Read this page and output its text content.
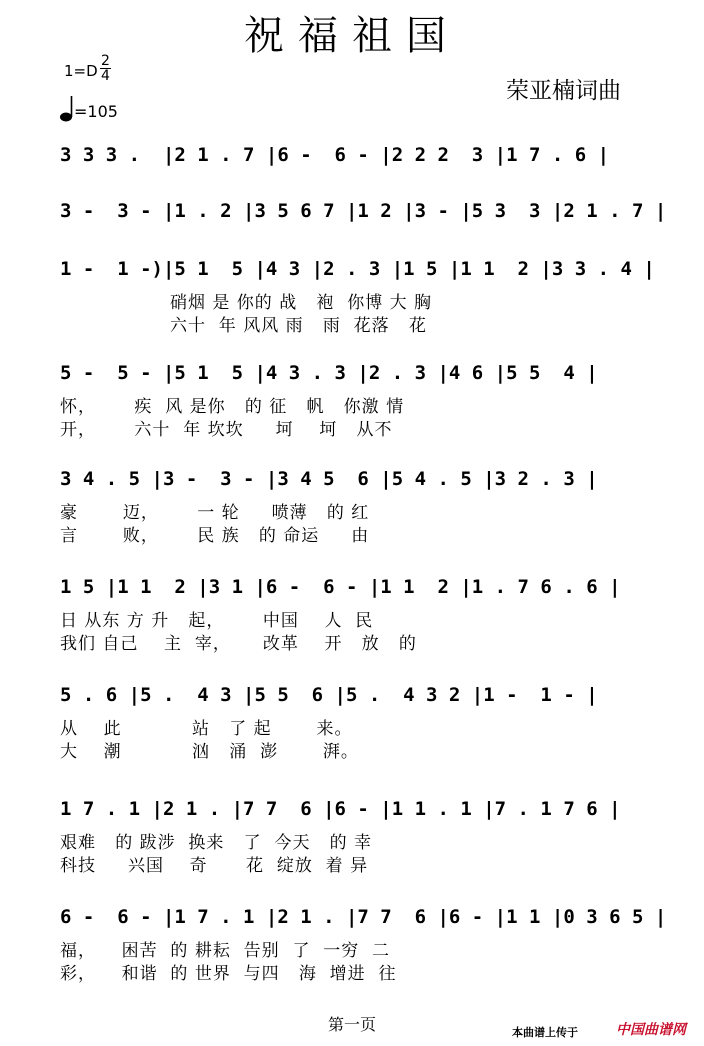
祝福祖国
1=D
2
4
=105
荣亚楠词曲
3 3 3 .  |2 1 . 7 |6 -  6 - |2 2 2  3 |1 7 . 6 |
3 -  3 - |1 . 2 |3 5 6 7 |1 2 |3 - |5 3  3 |2 1 . 7 |
1 -  1 -)|5 1  5 |4 3 |2 . 3 |1 5 |1 1  2 |3 3 . 4 |
硝烟 是 你的 战   袍  你博 大 胸
六十  年 风风 雨   雨  花落   花
5 -  5 - |5 1  5 |4 3 . 3 |2 . 3 |4 6 |5 5  4 |
怀，      疾  风 是你   的 征   帆   你激 情
开，      六十  年 坎坎     坷    坷   从不
3 4 . 5 |3 -  3 - |3 4 5  6 |5 4 . 5 |3 2 . 3 |
豪       迈，      一 轮     喷薄   的 红
言       败，      民 族   的 命运     由
1 5 |1 1  2 |3 1 |6 -  6 - |1 1  2 |1 . 7 6 . 6 |
日 从东 方 升   起，      中国    人  民
我们 自己    主  宰，     改革    开   放   的
5 . 6 |5 .  4 3 |5 5  6 |5 .  4 3 2 |1 -  1 - |
从    此           站   了 起       来。
大    潮           汹   涌  澎       湃。
1 7 . 1 |2 1 . |7 7  6 |6 - |1 1 . 1 |7 . 1 7 6 |
艰难   的 跋涉  换来   了  今天   的 幸
科技     兴国    奇      花  绽放  着 异
6 -  6 - |1 7 . 1 |2 1 . |7 7  6 |6 - |1 1 |0 3 6 5 |
福，    困苦  的 耕耘  告别  了  一穷  二
彩，    和谐  的 世界  与四   海  增进  往
第一页	本曲谱上传于	中国曲谱网
